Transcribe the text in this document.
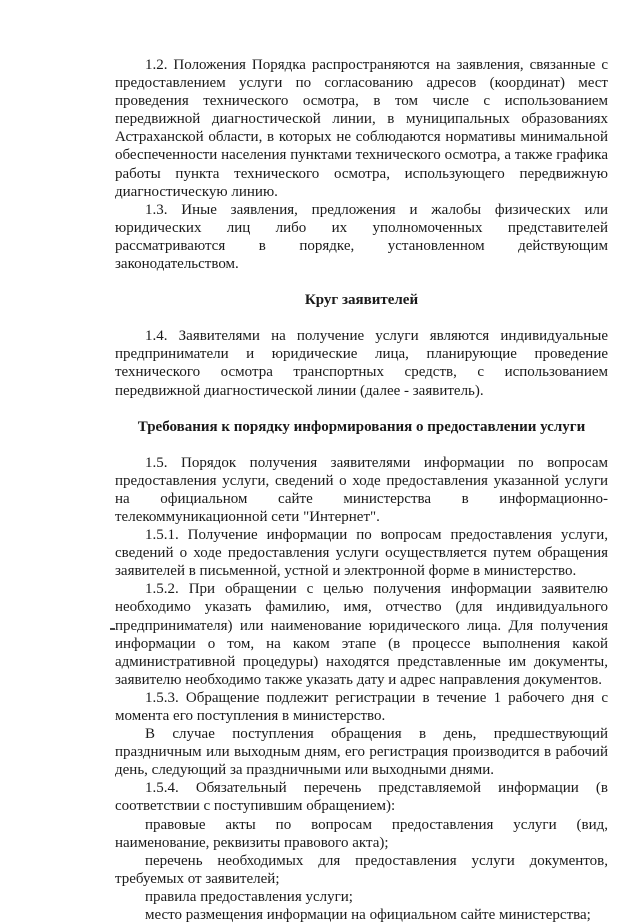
1.2. Положения Порядка распространяются на заявления, связанные с предоставлением услуги по согласованию адресов (координат) мест проведения технического осмотра, в том числе с использованием передвижной диагностической линии, в муниципальных образованиях Астраханской области, в которых не соблюдаются нормативы минимальной обеспеченности населения пунктами технического осмотра, а также графика работы пункта технического осмотра, использующего передвижную диагностическую линию.

1.3. Иные заявления, предложения и жалобы физических или юридических лиц либо их уполномоченных представителей рассматриваются в порядке, установленном действующим законодательством.

Круг заявителей

1.4. Заявителями на получение услуги являются индивидуальные предприниматели и юридические лица, планирующие проведение технического осмотра транспортных средств, с использованием передвижной диагностической линии (далее - заявитель).

Требования к порядку информирования о предоставлении услуги

1.5. Порядок получения заявителями информации по вопросам предоставления услуги, сведений о ходе предоставления указанной услуги на официальном сайте министерства в информационно-телекоммуникационной сети "Интернет".

1.5.1. Получение информации по вопросам предоставления услуги, сведений о ходе предоставления услуги осуществляется путем обращения заявителей в письменной, устной и электронной форме в министерство.

1.5.2. При обращении с целью получения информации заявителю необходимо указать фамилию, имя, отчество (для индивидуального предпринимателя) или наименование юридического лица. Для получения информации о том, на каком этапе (в процессе выполнения какой административной процедуры) находятся представленные им документы, заявителю необходимо также указать дату и адрес направления документов.

1.5.3. Обращение подлежит регистрации в течение 1 рабочего дня с момента его поступления в министерство.

В случае поступления обращения в день, предшествующий праздничным или выходным дням, его регистрация производится в рабочий день, следующий за праздничными или выходными днями.

1.5.4. Обязательный перечень представляемой информации (в соответствии с поступившим обращением):

правовые акты по вопросам предоставления услуги (вид, наименование, реквизиты правового акта);

перечень необходимых для предоставления услуги документов, требуемых от заявителей;

правила предоставления услуги;

место размещения информации на официальном сайте министерства;
